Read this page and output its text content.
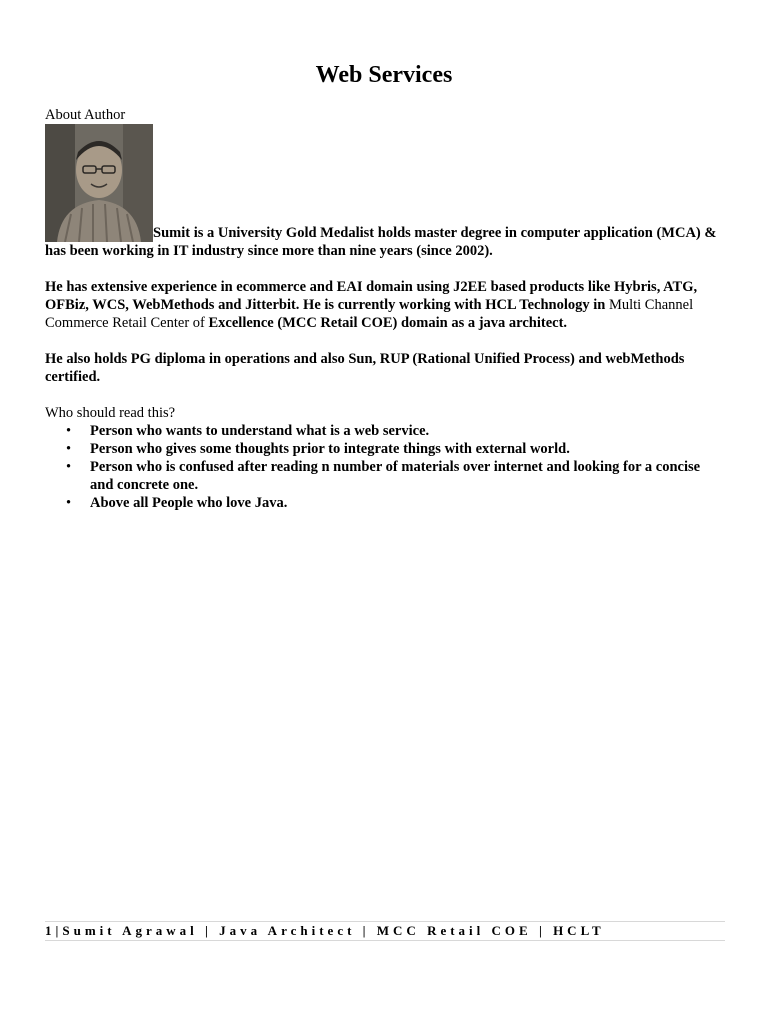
Web Services

About Author

Sumit is a University Gold Medalist holds master degree in computer application (MCA) & has been working in IT industry since more than nine years (since 2002).

He has extensive experience in ecommerce and EAI domain using J2EE based products like Hybris, ATG, OFBiz, WCS, WebMethods and Jitterbit. He is currently working with HCL Technology in Multi Channel Commerce Retail Center of Excellence (MCC Retail COE) domain as a java architect.

He also holds PG diploma in operations and also Sun, RUP (Rational Unified Process) and webMethods certified.

Who should read this?

• Person who wants to understand what is a web service.
• Person who gives some thoughts prior to integrate things with external world.
• Person who is confused after reading n number of materials over internet and looking for a concise and concrete one.
• Above all People who love Java.
1|Sumit Agrawal | Java Architect | MCC Retail COE | HCLT
